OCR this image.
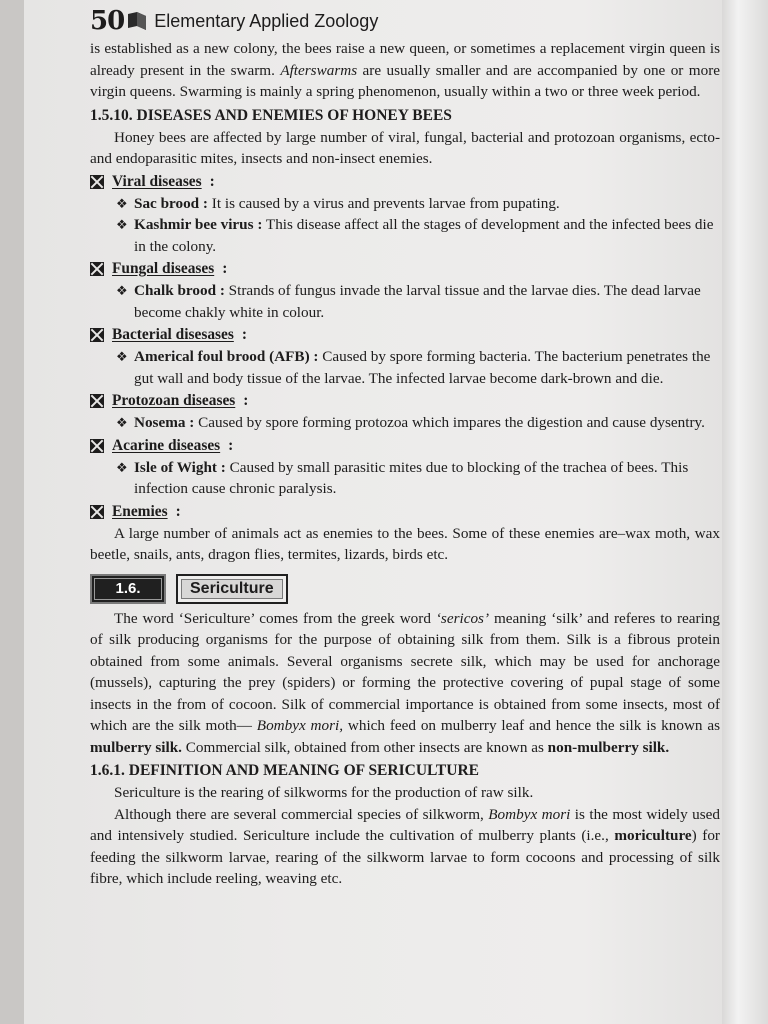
50 Elementary Applied Zoology

is established as a new colony, the bees raise a new queen, or sometimes a replacement virgin queen is already present in the swarm. Afterswarms are usually smaller and are accompanied by one or more virgin queens. Swarming is mainly a spring phenomenon, usually within a two or three week period.

1.5.10. DISEASES AND ENEMIES OF HONEY BEES

Honey bees are affected by large number of viral, fungal, bacterial and protozoan organisms, ecto-and endoparasitic mites, insects and non-insect enemies.

Viral diseases :
❖ Sac brood : It is caused by a virus and prevents larvae from pupating.
❖ Kashmir bee virus : This disease affect all the stages of development and the infected bees die in the colony.
Fungal diseases :
❖ Chalk brood : Strands of fungus invade the larval tissue and the larvae dies. The dead larvae become chakly white in colour.
Bacterial disesases :
❖ Americal foul brood (AFB) : Caused by spore forming bacteria. The bacterium penetrates the gut wall and body tissue of the larvae. The infected larvae become dark-brown and die.
Protozoan diseases :
❖ Nosema : Caused by spore forming protozoa which impares the digestion and cause dysentry.
Acarine diseases :
❖ Isle of Wight : Caused by small parasitic mites due to blocking of the trachea of bees. This infection cause chronic paralysis.
Enemies :

A large number of animals act as enemies to the bees. Some of these enemies are–wax moth, wax beetle, snails, ants, dragon flies, termites, lizards, birds etc.

1.6.	Sericulture

The word ‘Sericulture’ comes from the greek word ‘sericos’ meaning ‘silk’ and referes to rearing of silk producing organisms for the purpose of obtaining silk from them. Silk is a fibrous protein obtained from some animals. Several organisms secrete silk, which may be used for anchorage (mussels), capturing the prey (spiders) or forming the protective covering of pupal stage of some insects in the from of cocoon. Silk of commercial importance is obtained from some insects, most of which are the silk moth— Bombyx mori, which feed on mulberry leaf and hence the silk is known as mulberry silk. Commercial silk, obtained from other insects are known as non-mulberry silk.

1.6.1. DEFINITION AND MEANING OF SERICULTURE

Sericulture is the rearing of silkworms for the production of raw silk.

Although there are several commercial species of silkworm, Bombyx mori is the most widely used and intensively studied. Sericulture include the cultivation of mulberry plants (i.e., moriculture) for feeding the silkworm larvae, rearing of the silkworm larvae to form cocoons and processing of silk fibre, which include reeling, weaving etc.
